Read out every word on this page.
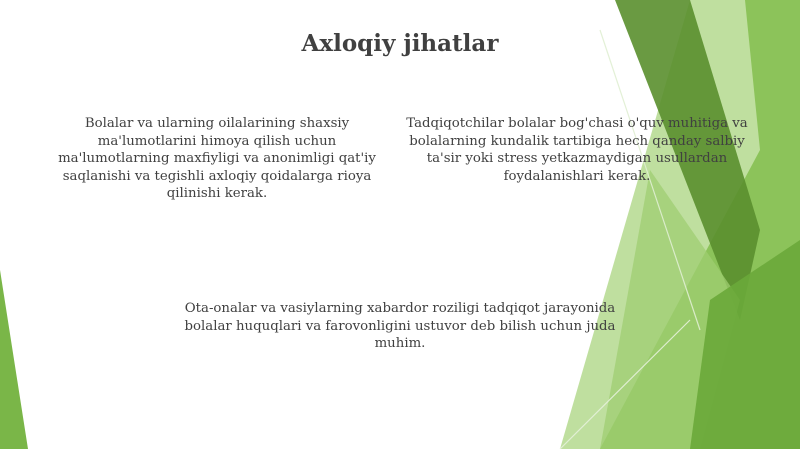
Axloqiy jihatlar

Bolalar va ularning oilalarining shaxsiy ma'lumotlarini himoya qilish uchun ma'lumotlarning maxfiyligi va anonimligi qat'iy saqlanishi va tegishli axloqiy qoidalarga rioya qilinishi kerak.

Tadqiqotchilar bolalar bog'chasi o'quv muhitiga va bolalarning kundalik tartibiga hech qanday salbiy ta'sir yoki stress yetkazmaydigan usullardan foydalanishlari kerak.

Ota-onalar va vasiylarning xabardor roziligi tadqiqot jarayonida bolalar huquqlari va farovonligini ustuvor deb bilish uchun juda muhim.
